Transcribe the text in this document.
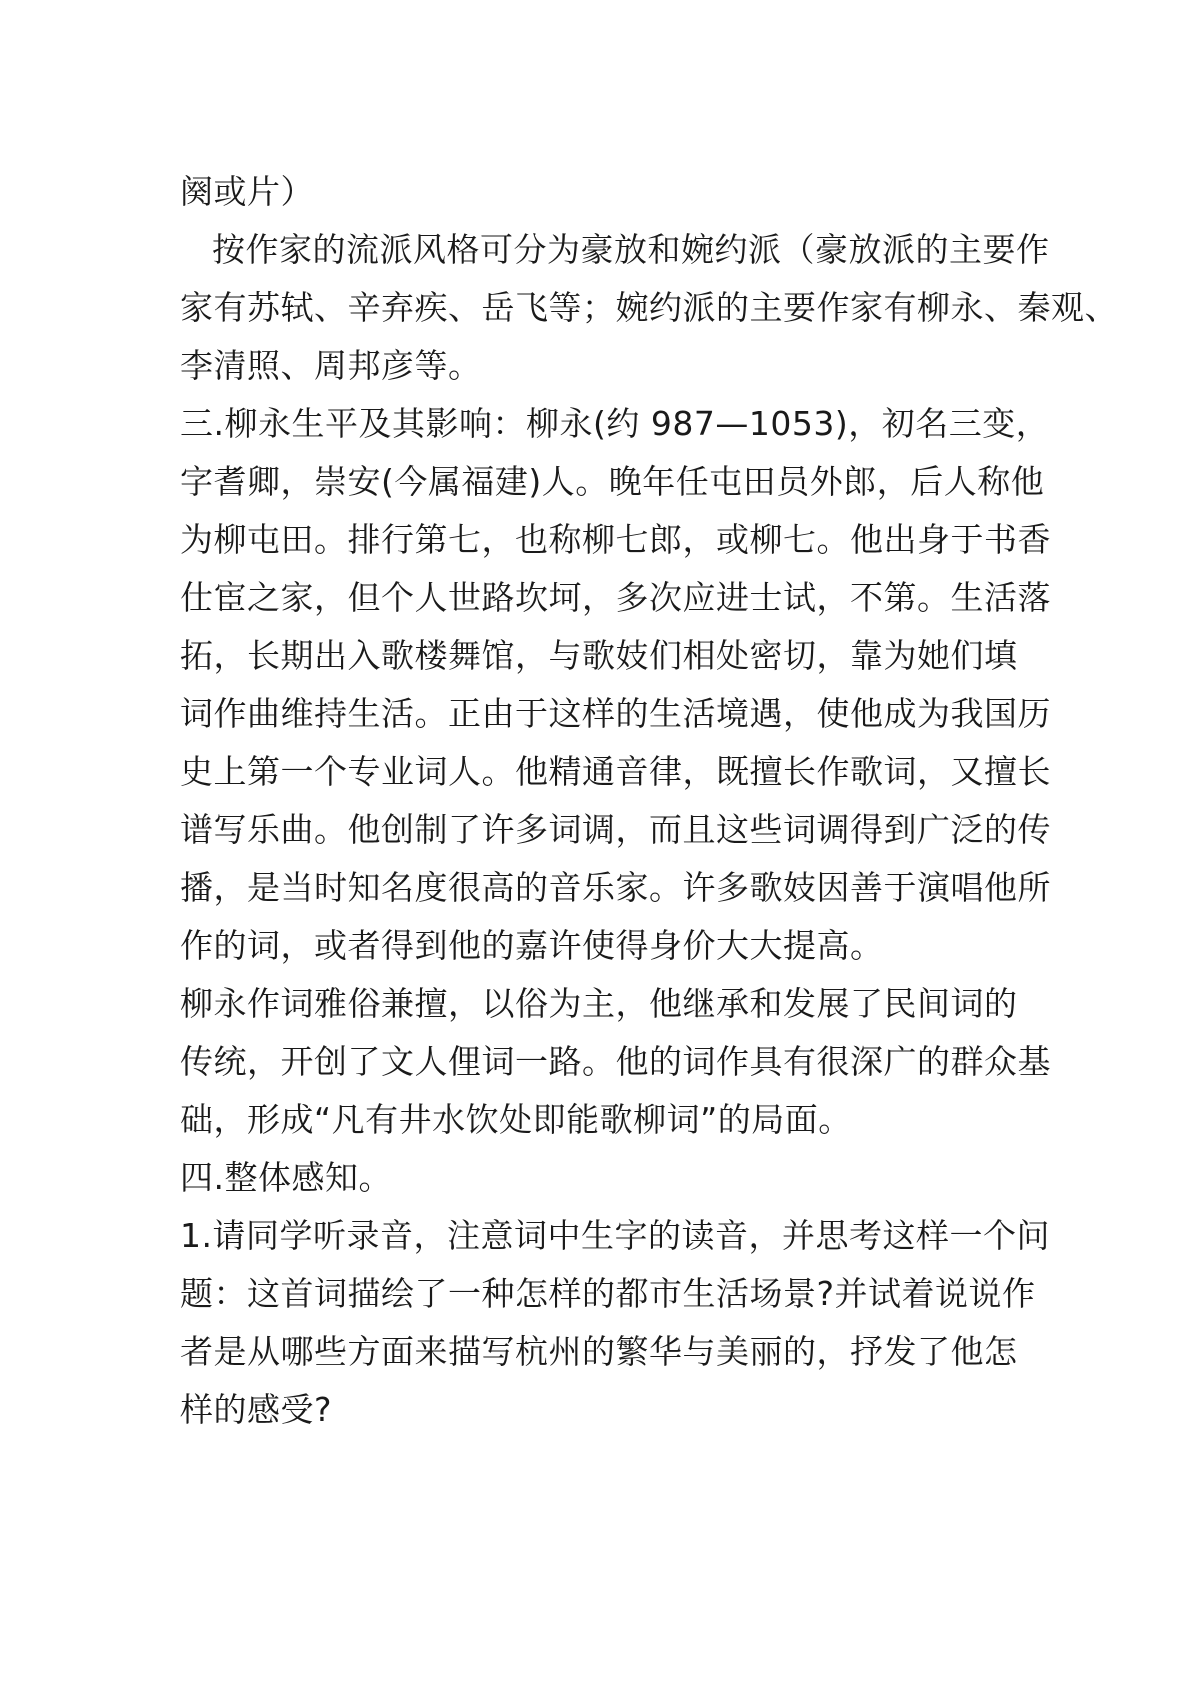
阕或片）
按作家的流派风格可分为豪放和婉约派（豪放派的主要作
家有苏轼、辛弃疾、岳飞等；婉约派的主要作家有柳永、秦观、
李清照、周邦彦等。
三.柳永生平及其影响：柳永(约 987—1053)，初名三变，
字耆卿，崇安(今属福建)人。晚年任屯田员外郎，后人称他
为柳屯田。排行第七，也称柳七郎，或柳七。他出身于书香
仕宦之家，但个人世路坎坷，多次应进士试，不第。生活落
拓，长期出入歌楼舞馆，与歌妓们相处密切，靠为她们填
词作曲维持生活。正由于这样的生活境遇，使他成为我国历
史上第一个专业词人。他精通音律，既擅长作歌词，又擅长
谱写乐曲。他创制了许多词调，而且这些词调得到广泛的传
播，是当时知名度很高的音乐家。许多歌妓因善于演唱他所
作的词，或者得到他的嘉许使得身价大大提高。
柳永作词雅俗兼擅，以俗为主，他继承和发展了民间词的
传统，开创了文人俚词一路。他的词作具有很深广的群众基
础，形成“凡有井水饮处即能歌柳词”的局面。
四.整体感知。
1.请同学听录音，注意词中生字的读音，并思考这样一个问
题：这首词描绘了一种怎样的都市生活场景?并试着说说作
者是从哪些方面来描写杭州的繁华与美丽的，抒发了他怎
样的感受?
